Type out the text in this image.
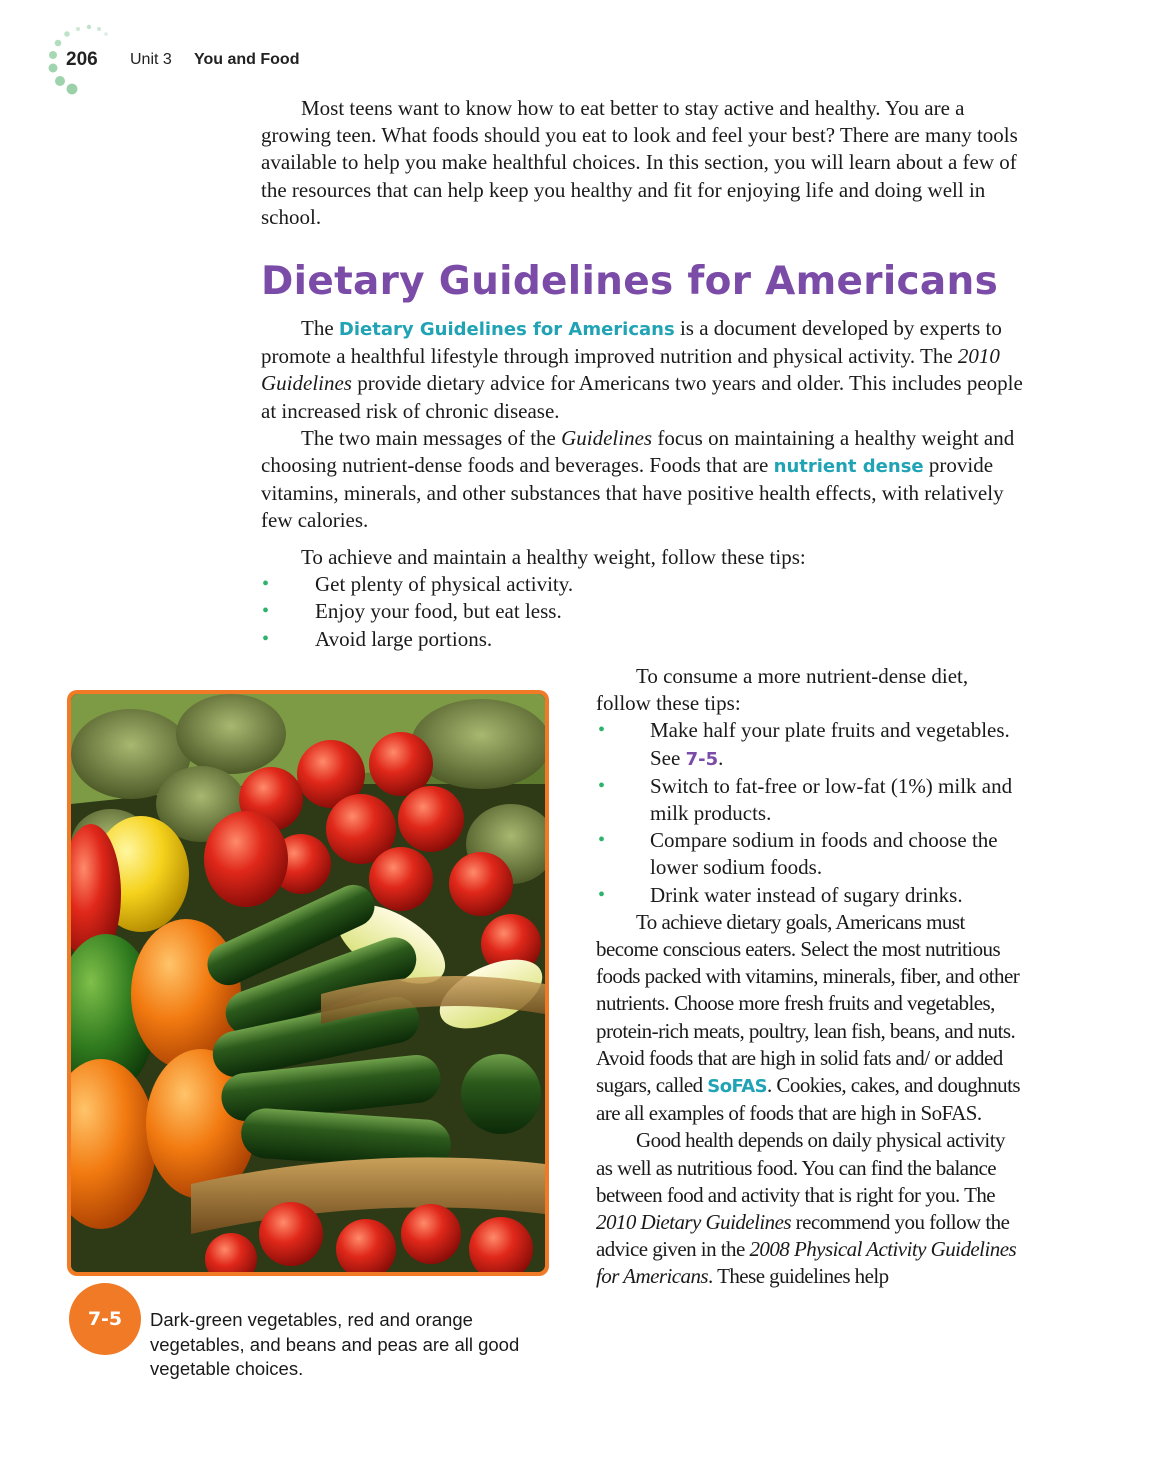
206 Unit 3 You and Food

Most teens want to know how to eat better to stay active and healthy. You are a growing teen. What foods should you eat to look and feel your best? There are many tools available to help you make healthful choices. In this section, you will learn about a few of the resources that can help keep you healthy and fit for enjoying life and doing well in school.

Dietary Guidelines for Americans

The Dietary Guidelines for Americans is a document developed by experts to promote a healthful lifestyle through improved nutrition and physical activity. The 2010 Guidelines provide dietary advice for Americans two years and older. This includes people at increased risk of chronic disease.

The two main messages of the Guidelines focus on maintaining a healthy weight and choosing nutrient-dense foods and beverages. Foods that are nutrient dense provide vitamins, minerals, and other substances that have positive health effects, with relatively few calories.

To achieve and maintain a healthy weight, follow these tips:

• Get plenty of physical activity.
• Enjoy your food, but eat less.
• Avoid large portions.

To consume a more nutrient-dense diet, follow these tips:

• Make half your plate fruits and vegetables. See 7-5.
• Switch to fat-free or low-fat (1%) milk and milk products.
• Compare sodium in foods and choose the lower sodium foods.
• Drink water instead of sugary drinks.

To achieve dietary goals, Americans must become conscious eaters. Select the most nutritious foods packed with vitamins, minerals, fiber, and other nutrients. Choose more fresh fruits and vegetables, protein-rich meats, poultry, lean fish, beans, and nuts. Avoid foods that are high in solid fats and/ or added sugars, called SoFAS. Cookies, cakes, and doughnuts are all examples of foods that are high in SoFAS.

Good health depends on daily physical activity as well as nutritious food. You can find the balance between food and activity that is right for you. The 2010 Dietary Guidelines recommend you follow the advice given in the 2008 Physical Activity Guidelines for Americans. These guidelines help

7-5	Dark-green vegetables, red and orange vegetables, and beans and peas are all good vegetable choices.
